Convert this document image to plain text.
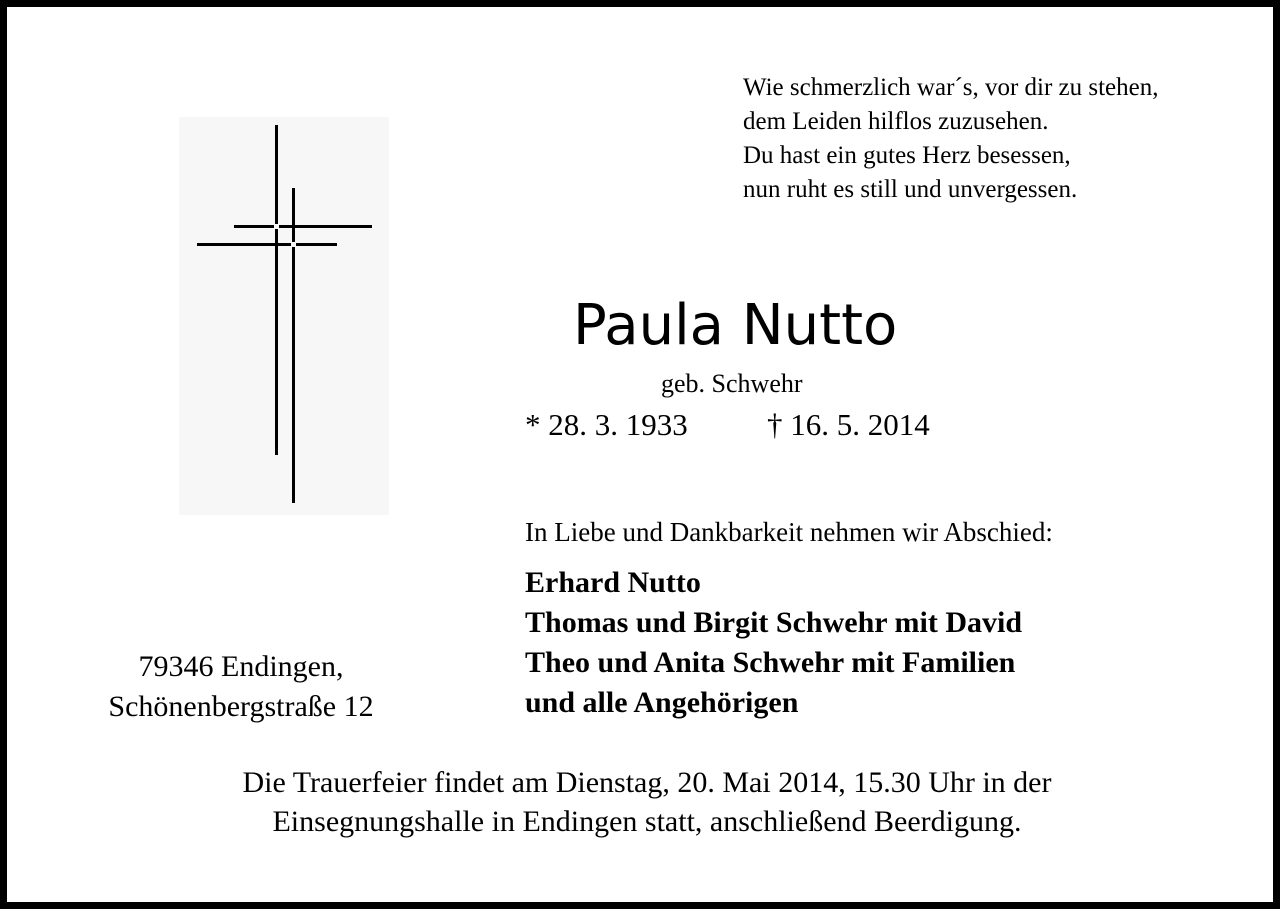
Wie schmerzlich war´s, vor dir zu stehen,
dem Leiden hilflos zuzusehen.
Du hast ein gutes Herz besessen,
nun ruht es still und unvergessen.
Paula Nutto
geb. Schwehr
* 28. 3. 1933	† 16. 5. 2014
In Liebe und Dankbarkeit nehmen wir Abschied:
Erhard Nutto
Thomas und Birgit Schwehr mit David
Theo und Anita Schwehr mit Familien
und alle Angehörigen
79346 Endingen,
Schönenbergstraße 12
Die Trauerfeier findet am Dienstag, 20. Mai 2014, 15.30 Uhr in der
Einsegnungshalle in Endingen statt, anschließend Beerdigung.
